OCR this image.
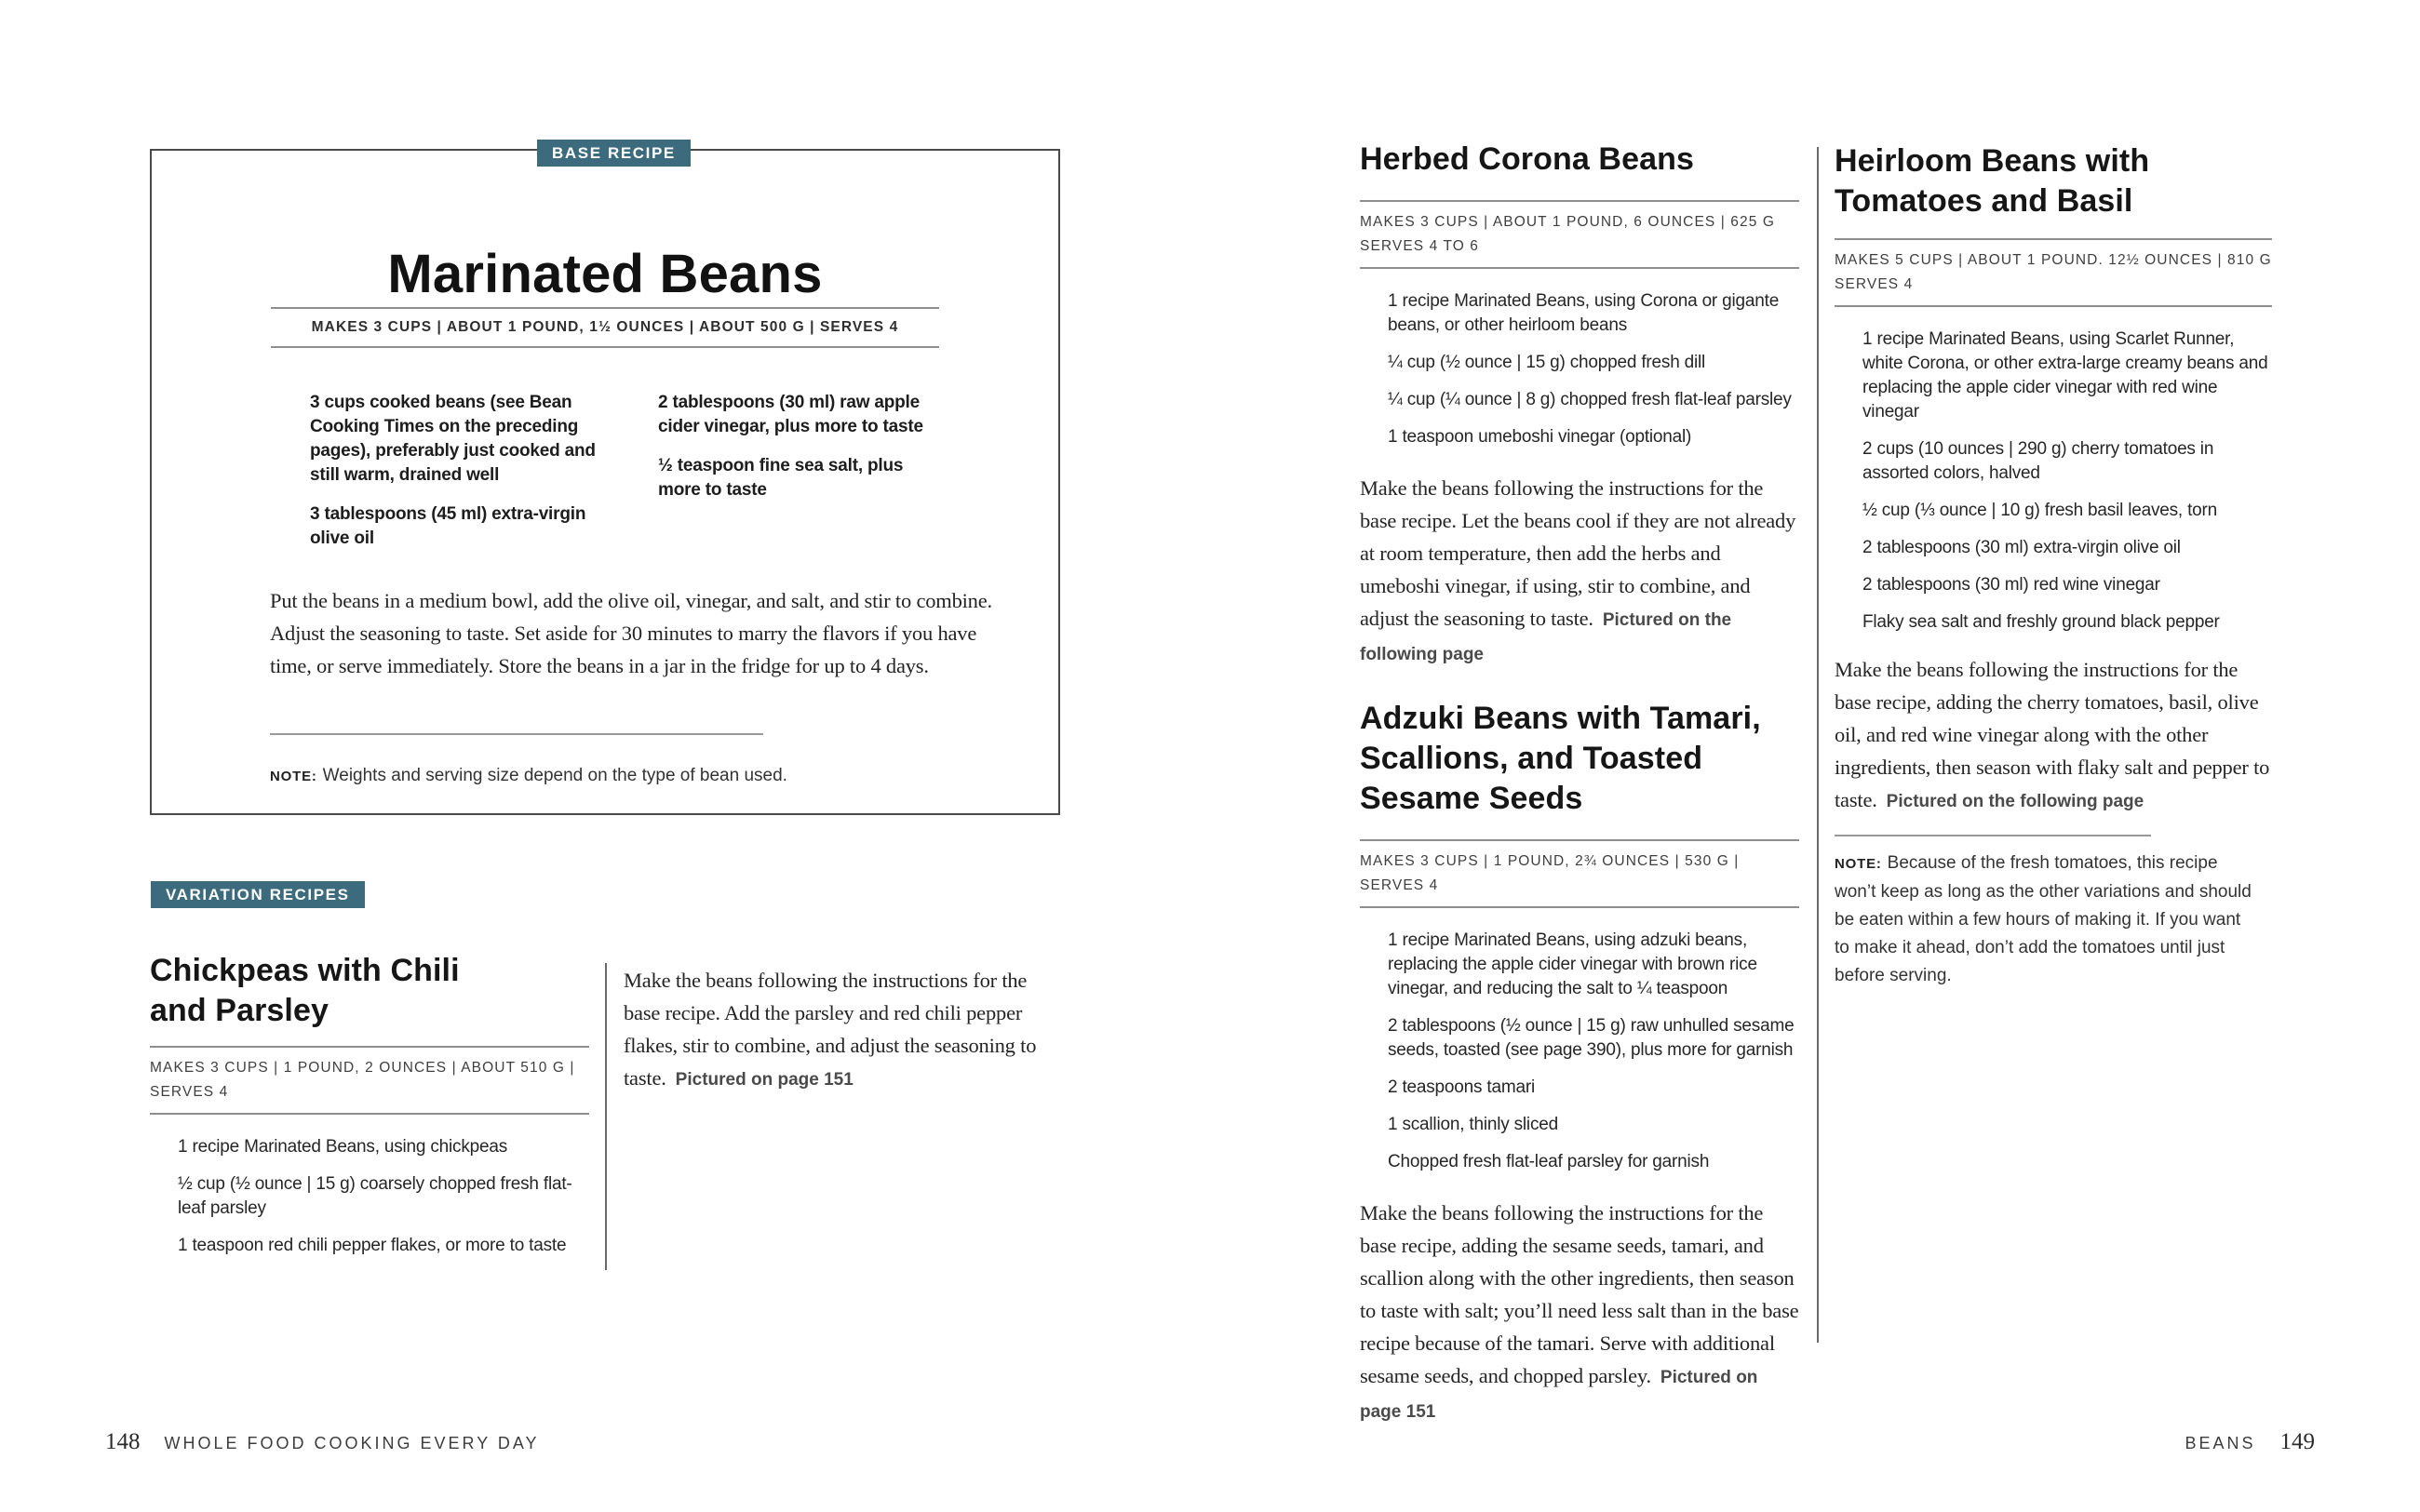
BASE RECIPE
Marinated Beans
MAKES 3 CUPS | ABOUT 1 POUND, 1½ OUNCES | ABOUT 500 G | SERVES 4

3 cups cooked beans (see Bean Cooking Times on the preceding pages), preferably just cooked and still warm, drained well

3 tablespoons (45 ml) extra-virgin olive oil

2 tablespoons (30 ml) raw apple cider vinegar, plus more to taste

½ teaspoon fine sea salt, plus more to taste

Put the beans in a medium bowl, add the olive oil, vinegar, and salt, and stir to combine. Adjust the seasoning to taste. Set aside for 30 minutes to marry the flavors if you have time, or serve immediately. Store the beans in a jar in the fridge for up to 4 days.

NOTE: Weights and serving size depend on the type of bean used.

VARIATION RECIPES
Chickpeas with Chili and Parsley
MAKES 3 CUPS | 1 POUND, 2 OUNCES | ABOUT 510 G | SERVES 4

1 recipe Marinated Beans, using chickpeas

½ cup (½ ounce | 15 g) coarsely chopped fresh flat-leaf parsley

1 teaspoon red chili pepper flakes, or more to taste

Make the beans following the instructions for the base recipe. Add the parsley and red chili pepper flakes, stir to combine, and adjust the seasoning to taste. Pictured on page 151

148 WHOLE FOOD COOKING EVERY DAY
Herbed Corona Beans
MAKES 3 CUPS | ABOUT 1 POUND, 6 OUNCES | 625 G SERVES 4 TO 6

1 recipe Marinated Beans, using Corona or gigante beans, or other heirloom beans

¼ cup (½ ounce | 15 g) chopped fresh dill

¼ cup (¼ ounce | 8 g) chopped fresh flat-leaf parsley

1 teaspoon umeboshi vinegar (optional)

Make the beans following the instructions for the base recipe. Let the beans cool if they are not already at room temperature, then add the herbs and umeboshi vinegar, if using, stir to combine, and adjust the seasoning to taste. Pictured on the following page

Adzuki Beans with Tamari, Scallions, and Toasted Sesame Seeds
MAKES 3 CUPS | 1 POUND, 2¾ OUNCES | 530 G | SERVES 4

1 recipe Marinated Beans, using adzuki beans, replacing the apple cider vinegar with brown rice vinegar, and reducing the salt to ¼ teaspoon

2 tablespoons (½ ounce | 15 g) raw unhulled sesame seeds, toasted (see page 390), plus more for garnish

2 teaspoons tamari

1 scallion, thinly sliced

Chopped fresh flat-leaf parsley for garnish

Make the beans following the instructions for the base recipe, adding the sesame seeds, tamari, and scallion along with the other ingredients, then season to taste with salt; you’ll need less salt than in the base recipe because of the tamari. Serve with additional sesame seeds, and chopped parsley. Pictured on page 151

Heirloom Beans with Tomatoes and Basil
MAKES 5 CUPS | ABOUT 1 POUND. 12½ OUNCES | 810 G SERVES 4

1 recipe Marinated Beans, using Scarlet Runner, white Corona, or other extra-large creamy beans and replacing the apple cider vinegar with red wine vinegar

2 cups (10 ounces | 290 g) cherry tomatoes in assorted colors, halved

½ cup (⅓ ounce | 10 g) fresh basil leaves, torn

2 tablespoons (30 ml) extra-virgin olive oil

2 tablespoons (30 ml) red wine vinegar

Flaky sea salt and freshly ground black pepper

Make the beans following the instructions for the base recipe, adding the cherry tomatoes, basil, olive oil, and red wine vinegar along with the other ingredients, then season with flaky salt and pepper to taste. Pictured on the following page

NOTE: Because of the fresh tomatoes, this recipe won’t keep as long as the other variations and should be eaten within a few hours of making it. If you want to make it ahead, don’t add the tomatoes until just before serving.

BEANS 149
